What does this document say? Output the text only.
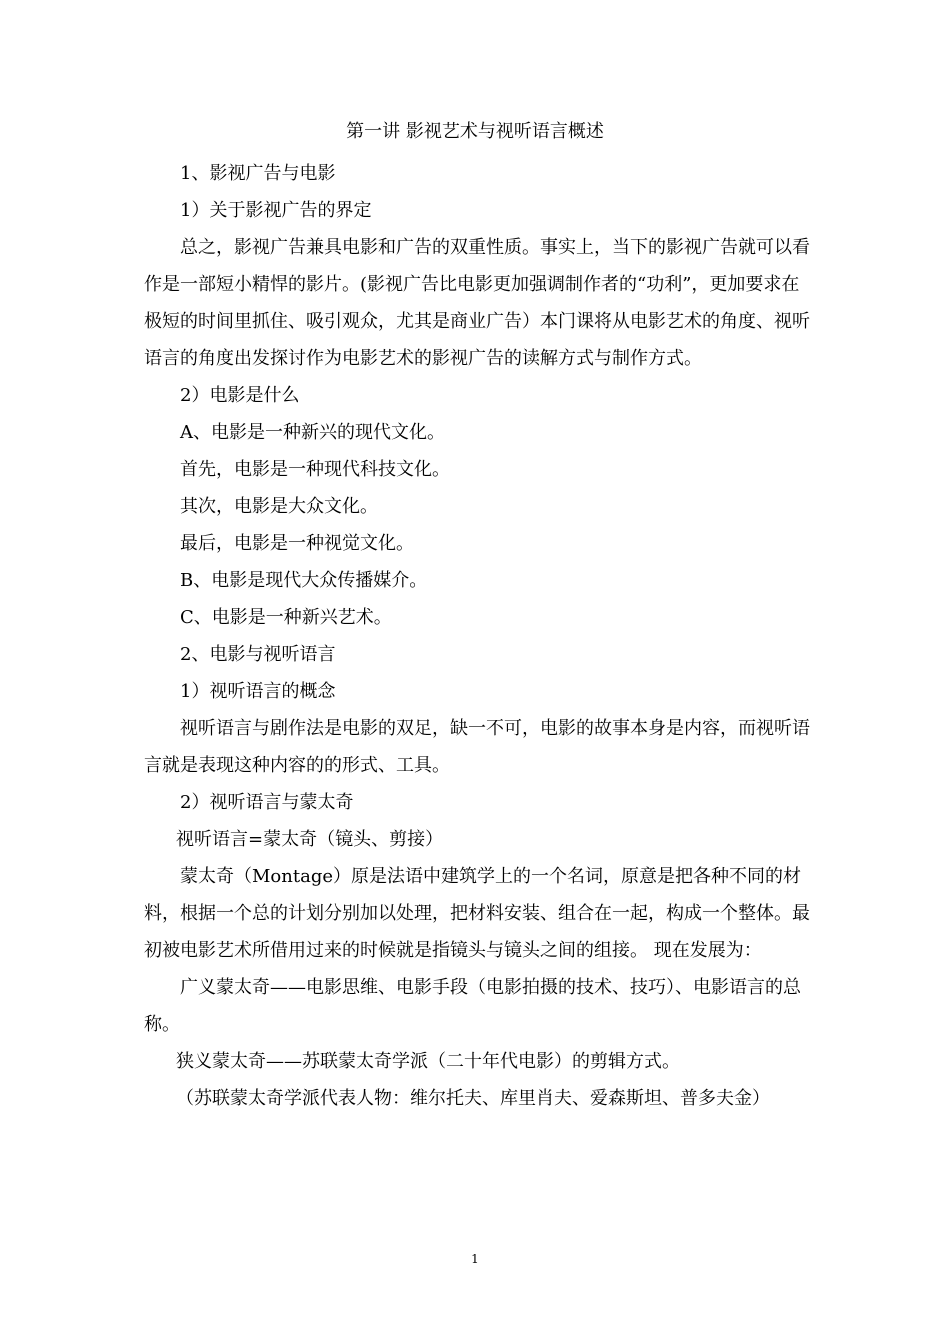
第一讲 影视艺术与视听语言概述

1、影视广告与电影

1）关于影视广告的界定

总之，影视广告兼具电影和广告的双重性质。事实上，当下的影视广告就可以看作是一部短小精悍的影片。(影视广告比电影更加强调制作者的“功利”，更加要求在极短的时间里抓住、吸引观众，尤其是商业广告）本门课将从电影艺术的角度、视听语言的角度出发探讨作为电影艺术的影视广告的读解方式与制作方式。

2）电影是什么

A、电影是一种新兴的现代文化。

首先，电影是一种现代科技文化。

其次，电影是大众文化。

最后，电影是一种视觉文化。

B、电影是现代大众传播媒介。

C、电影是一种新兴艺术。

2、电影与视听语言

1）视听语言的概念

视听语言与剧作法是电影的双足，缺一不可，电影的故事本身是内容，而视听语言就是表现这种内容的的形式、工具。

2）视听语言与蒙太奇

视听语言=蒙太奇（镜头、剪接）

蒙太奇（Montage）原是法语中建筑学上的一个名词，原意是把各种不同的材料，根据一个总的计划分别加以处理，把材料安装、组合在一起，构成一个整体。最初被电影艺术所借用过来的时候就是指镜头与镜头之间的组接。 现在发展为：

广义蒙太奇——电影思维、电影手段（电影拍摄的技术、技巧）、电影语言的总称。

狭义蒙太奇——苏联蒙太奇学派（二十年代电影）的剪辑方式。

（苏联蒙太奇学派代表人物：维尔托夫、库里肖夫、爱森斯坦、普多夫金）

1
